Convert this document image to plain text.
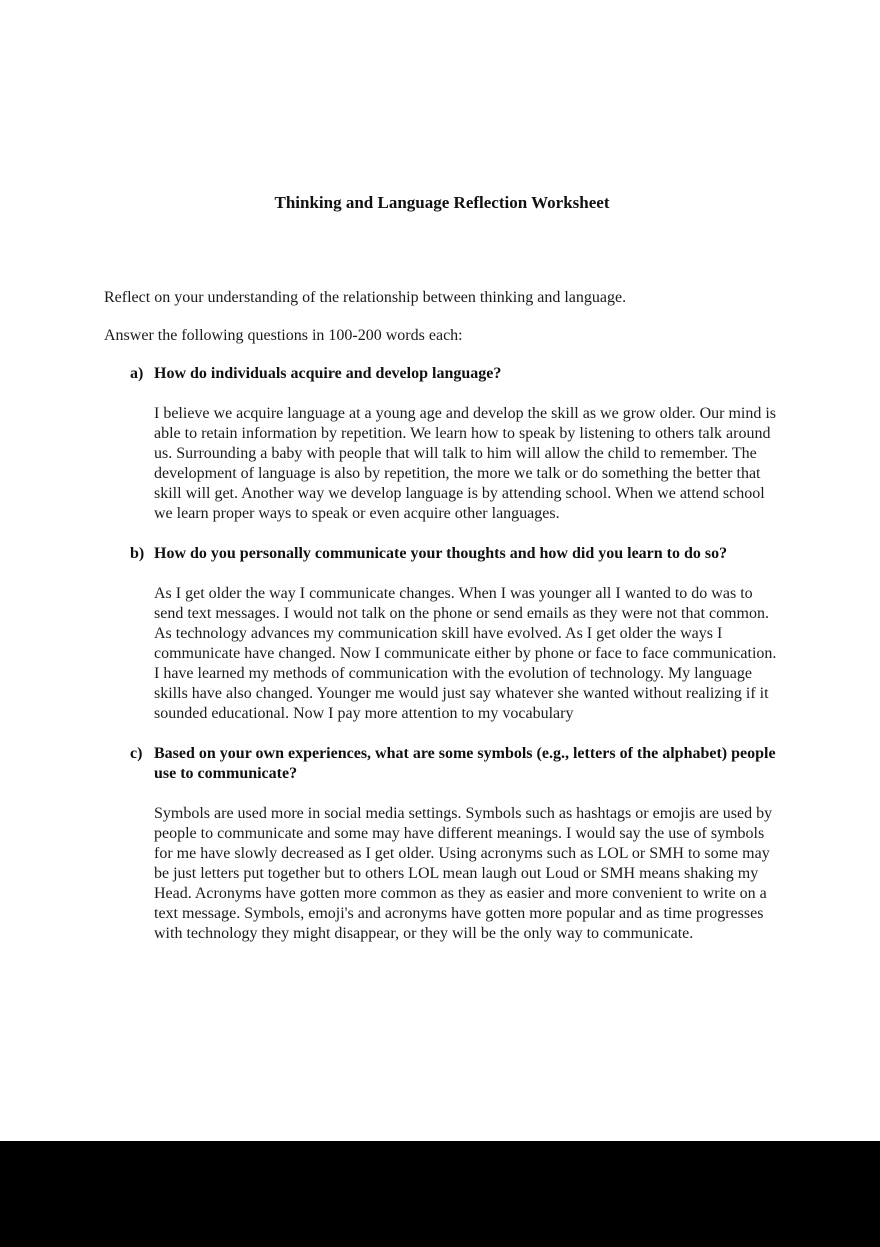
Thinking and Language Reflection Worksheet

Reflect on your understanding of the relationship between thinking and language.

Answer the following questions in 100-200 words each:

a) How do individuals acquire and develop language?

I believe we acquire language at a young age and develop the skill as we grow older. Our mind is able to retain information by repetition. We learn how to speak by listening to others talk around us. Surrounding a baby with people that will talk to him will allow the child to remember. The development of language is also by repetition, the more we talk or do something the better that skill will get. Another way we develop language is by attending school. When we attend school we learn proper ways to speak or even acquire other languages.

b) How do you personally communicate your thoughts and how did you learn to do so?

As I get older the way I communicate changes. When I was younger all I wanted to do was to send text messages. I would not talk on the phone or send emails as they were not that common. As technology advances my communication skill have evolved. As I get older the ways I communicate have changed. Now I communicate either by phone or face to face communication. I have learned my methods of communication with the evolution of technology. My language skills have also changed. Younger me would just say whatever she wanted without realizing if it sounded educational. Now I pay more attention to my vocabulary

c) Based on your own experiences, what are some symbols (e.g., letters of the alphabet) people use to communicate?

Symbols are used more in social media settings. Symbols such as hashtags or emojis are used by people to communicate and some may have different meanings. I would say the use of symbols for me have slowly decreased as I get older. Using acronyms such as LOL or SMH to some may be just letters put together but to others LOL mean laugh out Loud or SMH means shaking my Head. Acronyms have gotten more common as they as easier and more convenient to write on a text message. Symbols, emoji's and acronyms have gotten more popular and as time progresses with technology they might disappear, or they will be the only way to communicate.
